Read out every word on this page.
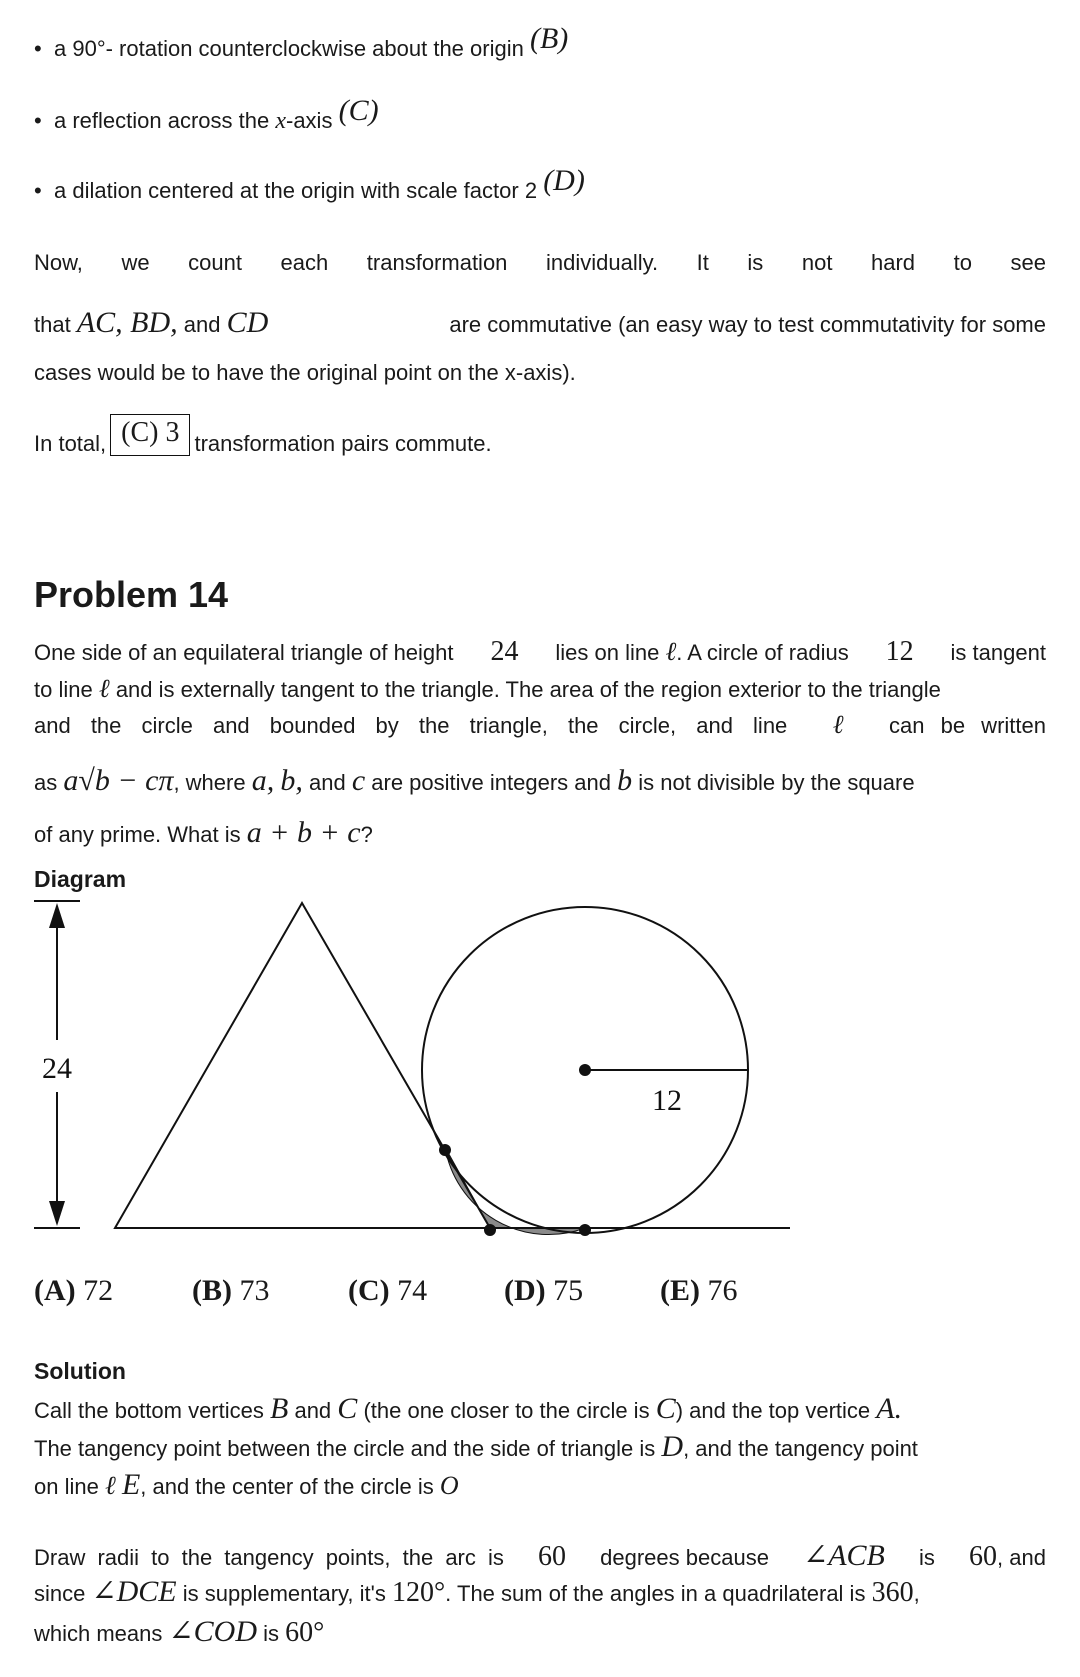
• a 90°- rotation counterclockwise about the origin (B)
• a reflection across the x-axis (C)
• a dilation centered at the origin with scale factor 2 (D)
Now, we count each transformation individually. It is not hard to see
that AC, BD, and CD	are commutative (an easy way to test commutativity for some
cases would be to have the original point on the x-axis).
In total, (C) 3 transformation pairs commute.
Problem 14
One side of an equilateral triangle of height 24 lies on line ℓ. A circle of radius 12 is tangent
to line ℓ and is externally tangent to the triangle. The area of the region exterior to the triangle
and the circle and bounded by the triangle, the circle, and line ℓ can be written
as a√b − cπ, where a, b, and c are positive integers and b is not divisible by the square
of any prime. What is a + b + c?
Diagram
24
12
(A) 72	(B) 73	(C) 74	(D) 75	(E) 76
Solution
Call the bottom vertices B and C (the one closer to the circle is C) and the top vertice A.
The tangency point between the circle and the side of triangle is D, and the tangency point
on line ℓ E, and the center of the circle is O
Draw radii to the tangency points, the arc is 60 degrees because ∠ACB is 60, and
since ∠DCE is supplementary, it's 120°. The sum of the angles in a quadrilateral is 360,
which means ∠COD is 60°
